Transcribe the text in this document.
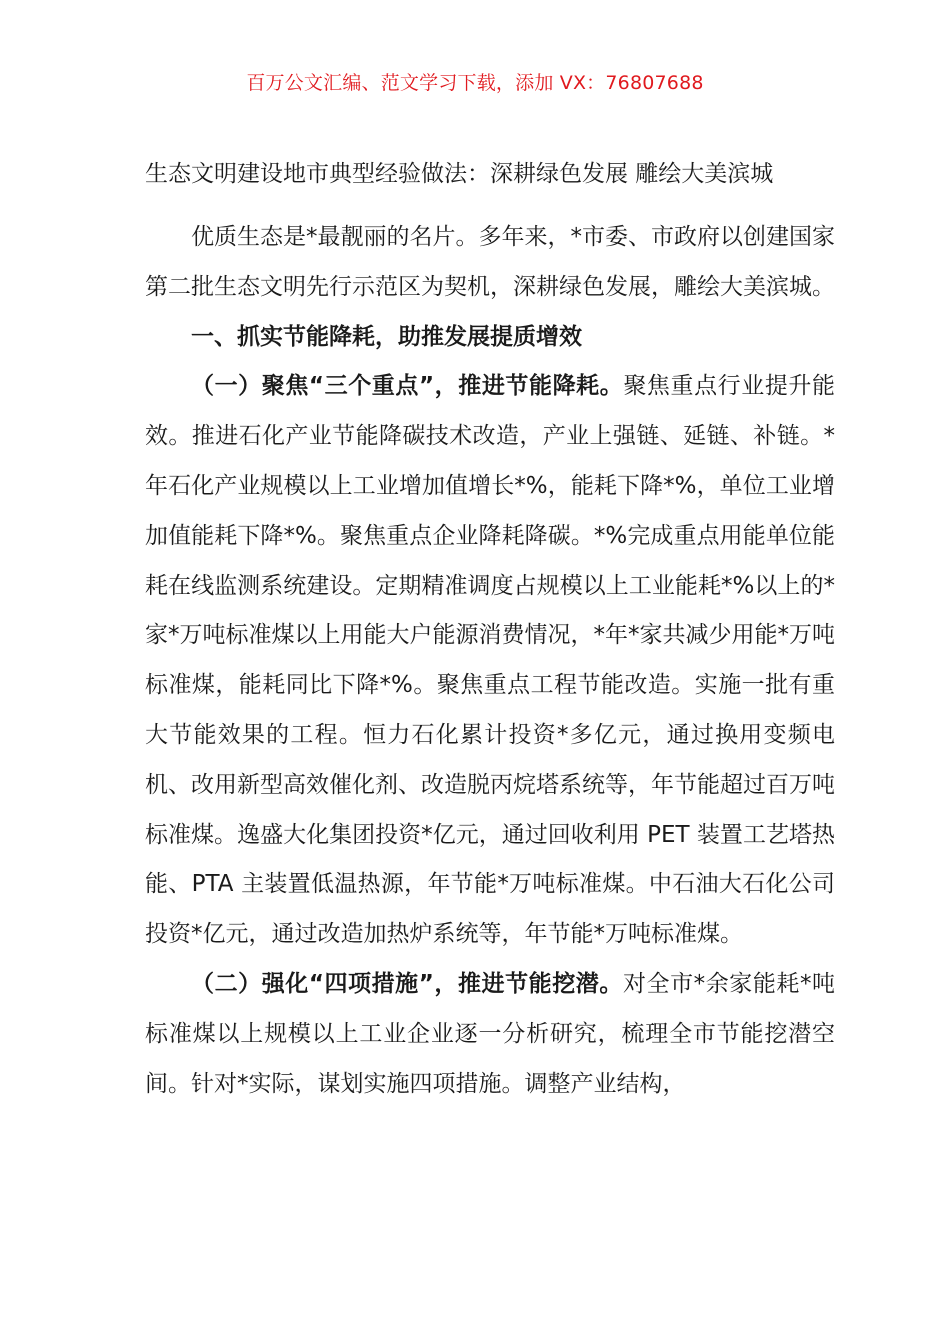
百万公文汇编、范文学习下载，添加 VX：76807688
生态文明建设地市典型经验做法：深耕绿色发展 雕绘大美滨城

优质生态是*最靓丽的名片。多年来，*市委、市政府以创建国家第二批生态文明先行示范区为契机，深耕绿色发展，雕绘大美滨城。

一、抓实节能降耗，助推发展提质增效

（一）聚焦“三个重点”，推进节能降耗。聚焦重点行业提升能效。推进石化产业节能降碳技术改造，产业上强链、延链、补链。*年石化产业规模以上工业增加值增长*%，能耗下降*%，单位工业增加值能耗下降*%。聚焦重点企业降耗降碳。*%完成重点用能单位能耗在线监测系统建设。定期精准调度占规模以上工业能耗*%以上的*家*万吨标准煤以上用能大户能源消费情况，*年*家共减少用能*万吨标准煤，能耗同比下降*%。聚焦重点工程节能改造。实施一批有重大节能效果的工程。恒力石化累计投资*多亿元，通过换用变频电机、改用新型高效催化剂、改造脱丙烷塔系统等，年节能超过百万吨标准煤。逸盛大化集团投资*亿元，通过回收利用 PET 装置工艺塔热能、PTA 主装置低温热源，年节能*万吨标准煤。中石油大石化公司投资*亿元，通过改造加热炉系统等，年节能*万吨标准煤。

（二）强化“四项措施”，推进节能挖潜。对全市*余家能耗*吨标准煤以上规模以上工业企业逐一分析研究，梳理全市节能挖潜空间。针对*实际，谋划实施四项措施。调整产业结构，
